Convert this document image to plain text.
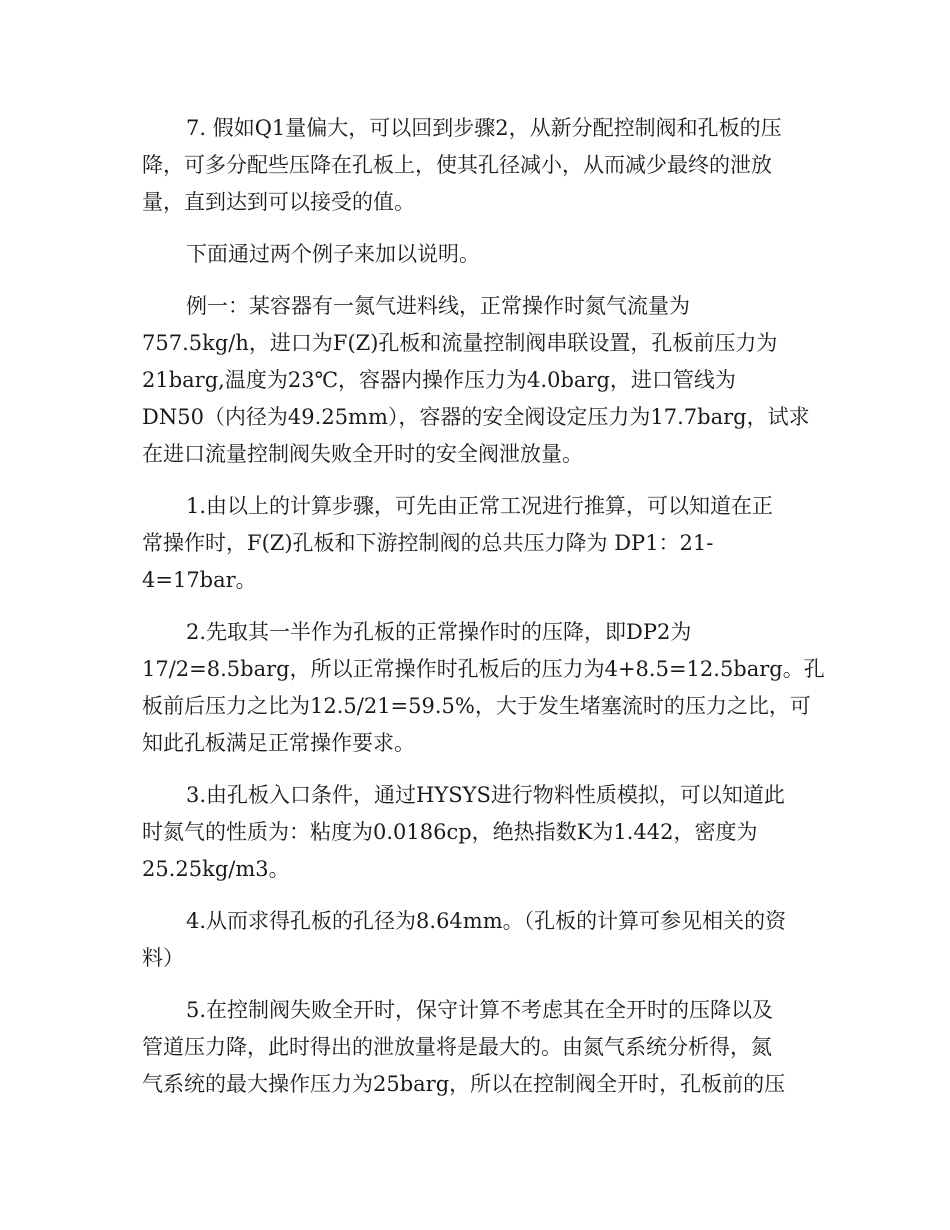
7. 假如Q1量偏大，可以回到步骤2，从新分配控制阀和孔板的压
降，可多分配些压降在孔板上，使其孔径减小，从而减少最终的泄放
量，直到达到可以接受的值。
下面通过两个例子来加以说明。
例一：某容器有一氮气进料线，正常操作时氮气流量为
757.5kg/h，进口为F(Z)孔板和流量控制阀串联设置，孔板前压力为
21barg,温度为23℃，容器内操作压力为4.0barg，进口管线为
DN50（内径为49.25mm），容器的安全阀设定压力为17.7barg，试求
在进口流量控制阀失败全开时的安全阀泄放量。
1.由以上的计算步骤，可先由正常工况进行推算，可以知道在正
常操作时，F(Z)孔板和下游控制阀的总共压力降为 DP1：21-
4=17bar。
2.先取其一半作为孔板的正常操作时的压降，即DP2为
17/2=8.5barg，所以正常操作时孔板后的压力为4+8.5=12.5barg。孔
板前后压力之比为12.5/21=59.5%，大于发生堵塞流时的压力之比，可
知此孔板满足正常操作要求。
3.由孔板入口条件，通过HYSYS进行物料性质模拟，可以知道此
时氮气的性质为：粘度为0.0186cp，绝热指数K为1.442，密度为
25.25kg/m3。
4.从而求得孔板的孔径为8.64mm。（孔板的计算可参见相关的资
料）
5.在控制阀失败全开时，保守计算不考虑其在全开时的压降以及
管道压力降，此时得出的泄放量将是最大的。由氮气系统分析得，氮
气系统的最大操作压力为25barg，所以在控制阀全开时，孔板前的压
